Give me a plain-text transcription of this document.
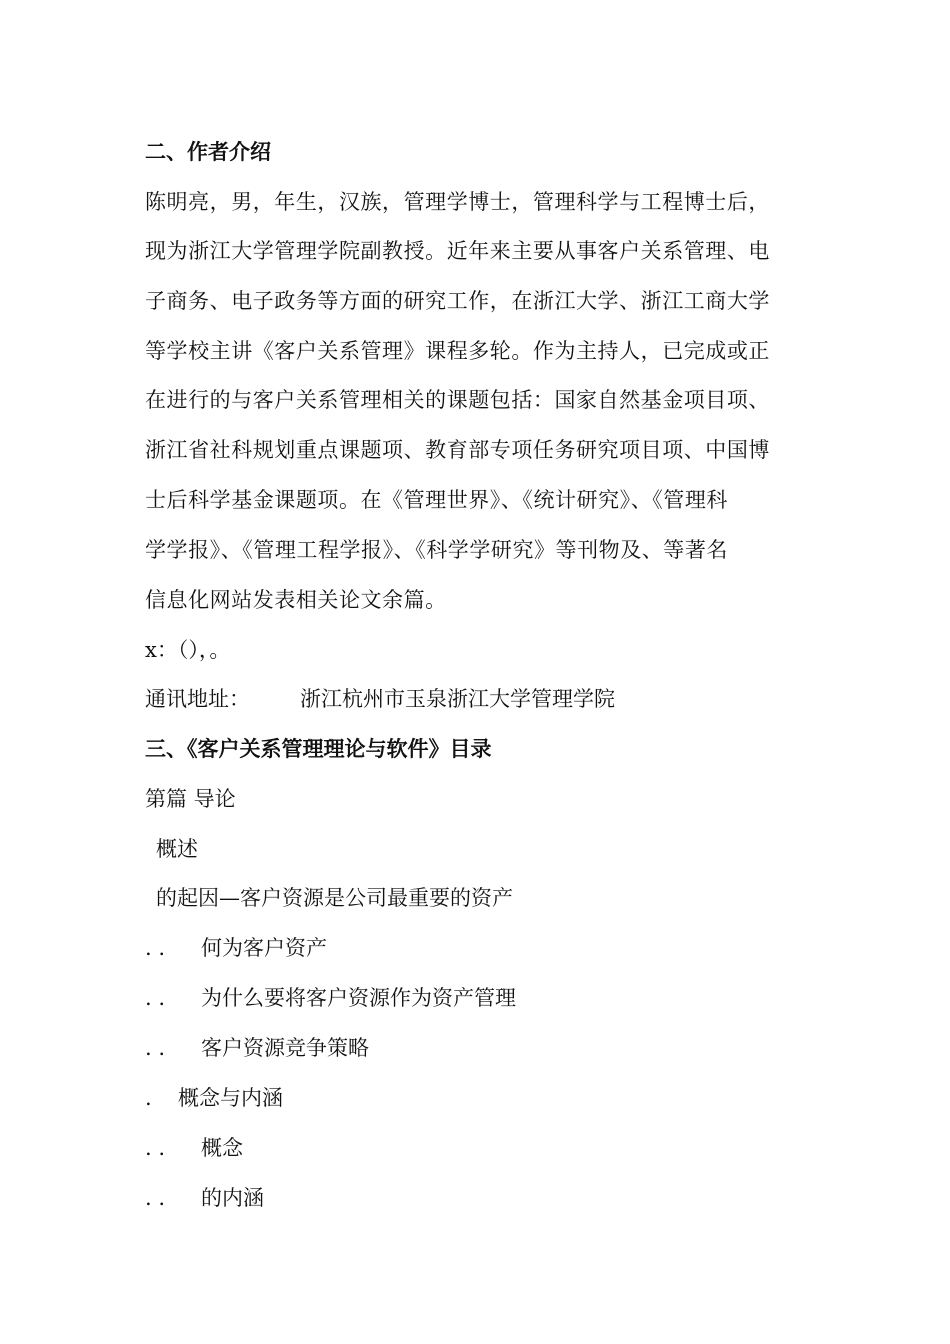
二、作者介绍
陈明亮，男，年生，汉族，管理学博士，管理科学与工程博士后，
现为浙江大学管理学院副教授。近年来主要从事客户关系管理、电
子商务、电子政务等方面的研究工作，在浙江大学、浙江工商大学
等学校主讲《客户关系管理》课程多轮。作为主持人，已完成或正
在进行的与客户关系管理相关的课题包括：国家自然基金项目项、
浙江省社科规划重点课题项、教育部专项任务研究项目项、中国博
士后科学基金课题项。在《管理世界》、《统计研究》、《管理科
学学报》、《管理工程学报》、《科学学研究》等刊物及、等著名
信息化网站发表相关论文余篇。
x：（），。
通讯地址： 浙江杭州市玉泉浙江大学管理学院
三、《客户关系管理理论与软件》目录
第篇 导论
概述
的起因—客户资源是公司最重要的资产
. . 何为客户资产
. . 为什么要将客户资源作为资产管理
. . 客户资源竞争策略
. 概念与内涵
. . 概念
. . 的内涵
